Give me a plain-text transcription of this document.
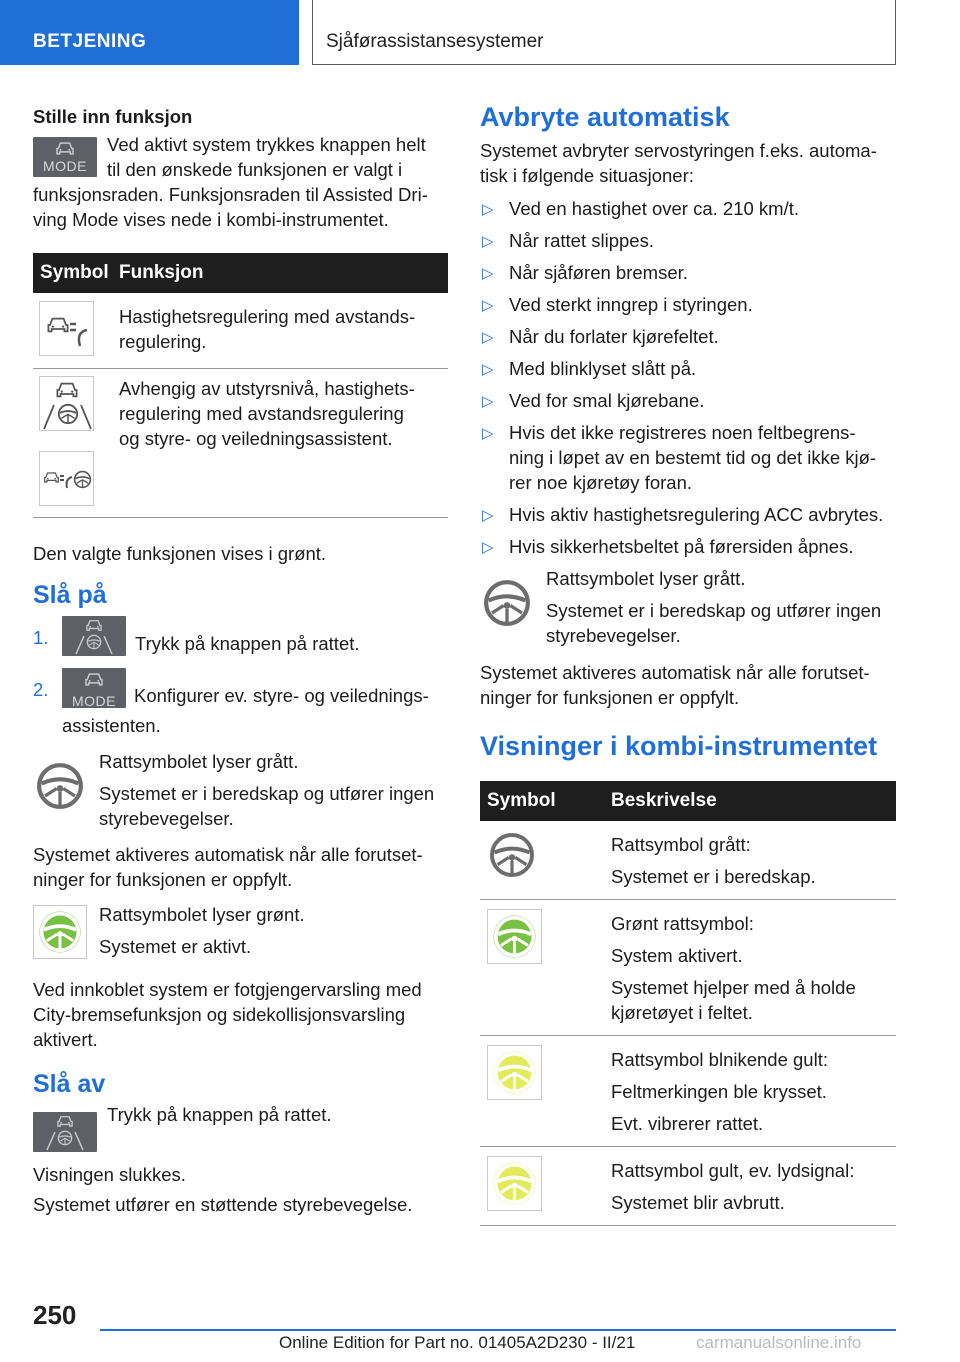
BETJENING	Sjåførassistansesystemer

Stille inn funksjon

MODE

Ved aktivt system trykkes knappen helt

til den ønskede funksjonen er valgt i

funksjonsraden. Funksjonsraden til Assisted Dri-

ving Mode vises nede i kombi-instrumentet.

Symbol	Funksjon

Hastighetsregulering med avstands-

regulering.

Avhengig av utstyrsnivå, hastighets-

regulering med avstandsregulering

og styre- og veiledningsassistent.

Den valgte funksjonen vises i grønt.

Slå på
1.	Trykk på knappen på rattet.
2.
MODE Konfigurer ev. styre- og veilednings-
assistenten.

Rattsymbolet lyser grått.

Systemet er i beredskap og utfører ingen

styrebevegelser.

Systemet aktiveres automatisk når alle forutset-

ninger for funksjonen er oppfylt.

Rattsymbolet lyser grønt.

Systemet er aktivt.

Ved innkoblet system er fotgjengervarsling med

City-bremsefunksjon og sidekollisjonsvarsling

aktivert.

Slå av

Trykk på knappen på rattet.

Visningen slukkes.

Systemet utfører en støttende styrebevegelse.

Avbryte automatisk

Systemet avbryter servostyringen f.eks. automa-

tisk i følgende situasjoner:

▷ Ved en hastighet over ca. 210 km/t.
▷ Når rattet slippes.
▷ Når sjåføren bremser.
▷ Ved sterkt inngrep i styringen.
▷ Når du forlater kjørefeltet.
▷ Med blinklyset slått på.
▷ Ved for smal kjørebane.
▷ Hvis det ikke registreres noen feltbegrens-
ning i løpet av en bestemt tid og det ikke kjø-
rer noe kjøretøy foran.
▷ Hvis aktiv hastighetsregulering ACC avbrytes.
▷ Hvis sikkerhetsbeltet på førersiden åpnes.

Rattsymbolet lyser grått.

Systemet er i beredskap og utfører ingen

styrebevegelser.

Systemet aktiveres automatisk når alle forutset-

ninger for funksjonen er oppfylt.

Visninger i kombi-instrumentet
Symbol	Beskrivelse

Rattsymbol grått:

Systemet er i beredskap.

Grønt rattsymbol:

System aktivert.

Systemet hjelper med å holde

kjøretøyet i feltet.

Rattsymbol blnikende gult:

Feltmerkingen ble krysset.

Evt. vibrerer rattet.

Rattsymbol gult, ev. lydsignal:

Systemet blir avbrutt.

250
Online Edition for Part no. 01405A2D230 - II/21	carmanualsonline.info
